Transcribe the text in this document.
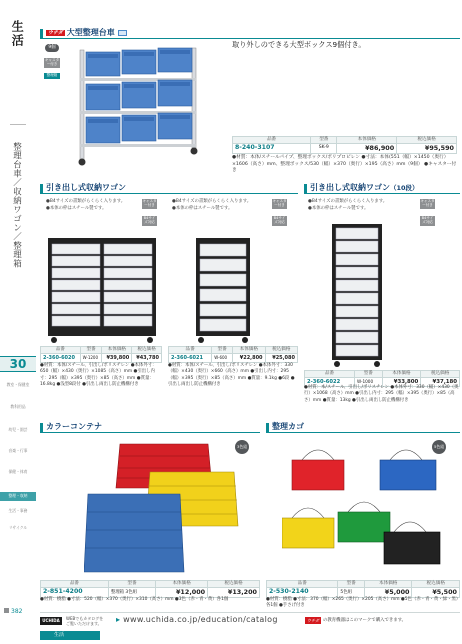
生活
整理台車／収納ワゴン／整理箱
30
教室・保健室
教科用品
幼児・園芸
音楽・行事
保健・体育
整理・収納
生活・事務
リサイクル
382
ウチダ 大型整理台車
9個
キャスター付き
整理箱
取り外しのできる大型ボックス9個付き。
品番	型番	本体価格	税込価格
8-240-3107	SK-9	¥86,900	¥95,590
●材質：本体/スチールパイプ、整理ボックス/ポリプロピレン ●寸法：本体(551（幅）×1450（奥行）×1606（高さ）mm、整理ボックス/530（幅）×370（奥行）×195（高さ）mm（9個） ●キャスター付き
引き出し式収納ワゴン	引き出し式収納ワゴン （10段）
●B4サイズの書類がらくらく入ります。
●本体の枠はスチール製です。
キャスター付き
B4サイズ対応
品番	型番	本体価格	税込価格
2-360-6020	W-1200	¥39,800	¥43,780
●材質：本体/スチール、引出し/ポリスチレン ●本体外寸：650（幅）×430（奥行）×1085（高さ）mm ●引出し内寸：295（幅）×395（奥行）×85（高さ）mm ●質量：16.8kg ●浅型8段付 ●引出し両出し防止機構付き
●B4サイズの書類がらくらく入ります。
●本体の枠はスチール製です。
キャスター付き
B4サイズ対応
品番	型番	本体価格	税込価格
2-360-6021	W-600	¥22,800	¥25,080
●材質：本体/スチール、引出し/ポリスチレン ●本体外寸：330（幅）×430（奥行）×660（高さ）mm ●引出し内寸：295（幅）×395（奥行）×85（高さ）mm ●質量：9.1kg ●6段 ●引出し両出し防止機構付き
●B4サイズの書類がらくらく入ります。
●本体の枠はスチール製です。
キャスター付き
B4サイズ対応
品番	型番	本体価格	税込価格
2-360-6022	W-1000	¥33,800	¥37,180
●材質：本/スチール、引出し/ポリスチレン ●本体外寸：330（幅）×430（奥行）×1068（高さ）mm ●引出し内寸：295（幅）×395（奥行）×85（高さ）mm ●質量：13kg ●引出し両出し防止機構付き
カラーコンテナ	整理カゴ
3色組	5色組
品番	型番	本体価格	税込価格
2-851-4200	整理箱 3色組	¥12,000	¥13,200
●材質：樹脂 ●寸法：520（幅）×370（奥行）×310（高さ）mm ●3色（赤・青・黄）各1個
品番	型番	本体価格	税込価格
2-530-2140	5色組	¥5,000	¥5,500
●材質：樹脂 ●寸法：370（幅）×265（奥行）×205（高さ）mm ●5色（赤・青・黄・緑・黒）各1個 ●手さげ付き
UCHIDA	WEBでもカタログを
ご覧いただけます。 ▸ www.uchida.co.jp/education/catalog	ウチダ の教育機器はこのマークで購入できます。
生活
